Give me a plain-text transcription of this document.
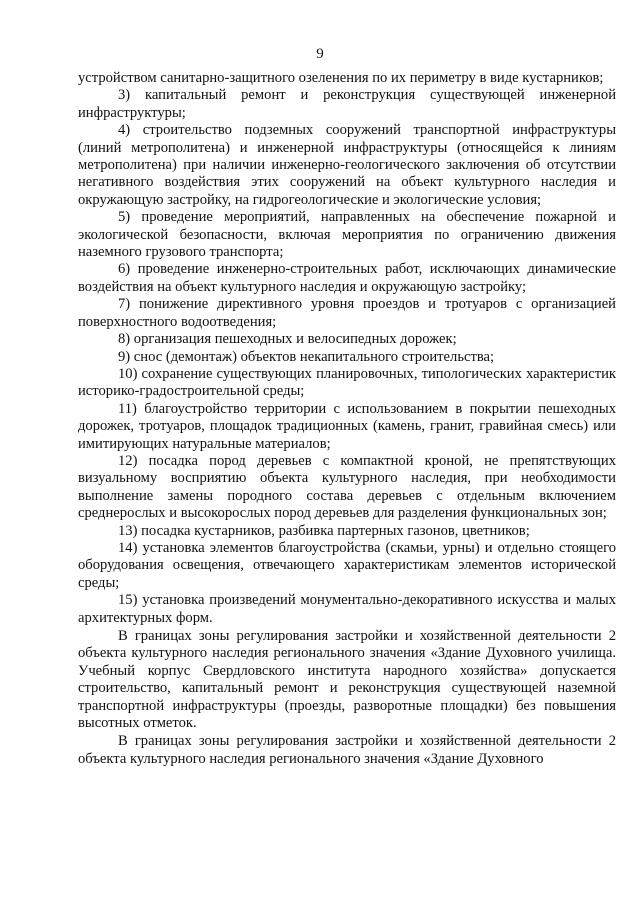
9

устройством санитарно-защитного озеленения по их периметру в виде кустарников;

3) капитальный ремонт и реконструкция существующей инженерной инфраструктуры;

4) строительство подземных сооружений транспортной инфраструктуры (линий метрополитена) и инженерной инфраструктуры (относящейся к линиям метрополитена) при наличии инженерно-геологического заключения об отсутствии негативного воздействия этих сооружений на объект культурного наследия и окружающую застройку, на гидрогеологические и экологические условия;

5) проведение мероприятий, направленных на обеспечение пожарной и экологической безопасности, включая мероприятия по ограничению движения наземного грузового транспорта;

6) проведение инженерно-строительных работ, исключающих динамические воздействия на объект культурного наследия и окружающую застройку;

7) понижение директивного уровня проездов и тротуаров с организацией поверхностного водоотведения;

8) организация пешеходных и велосипедных дорожек;

9) снос (демонтаж) объектов некапитального строительства;

10) сохранение существующих планировочных, типологических характеристик историко-градостроительной среды;

11) благоустройство территории с использованием в покрытии пешеходных дорожек, тротуаров, площадок традиционных (камень, гранит, гравийная смесь) или имитирующих натуральные материалов;

12) посадка пород деревьев с компактной кроной, не препятствующих визуальному восприятию объекта культурного наследия, при необходимости выполнение замены породного состава деревьев с отдельным включением среднерослых и высокорослых пород деревьев для разделения функциональных зон;

13) посадка кустарников, разбивка партерных газонов, цветников;

14) установка элементов благоустройства (скамьи, урны) и отдельно стоящего оборудования освещения, отвечающего характеристикам элементов исторической среды;

15) установка произведений монументально-декоративного искусства и малых архитектурных форм.

В границах зоны регулирования застройки и хозяйственной деятельности 2 объекта культурного наследия регионального значения «Здание Духовного училища. Учебный корпус Свердловского института народного хозяйства» допускается строительство, капитальный ремонт и реконструкция существующей наземной транспортной инфраструктуры (проезды, разворотные площадки) без повышения высотных отметок.

В границах зоны регулирования застройки и хозяйственной деятельности 2 объекта культурного наследия регионального значения «Здание Духовного
